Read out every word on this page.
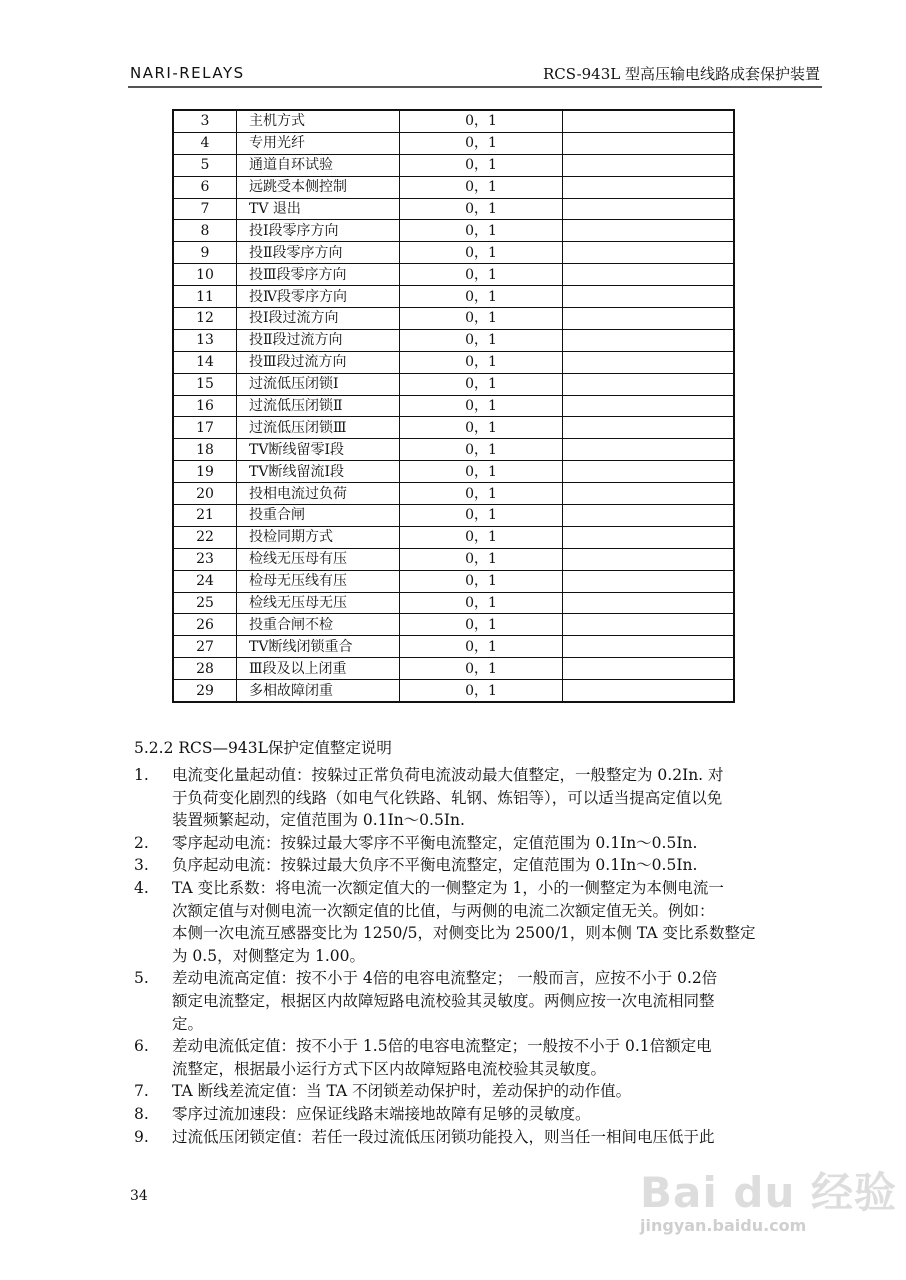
NARI-RELAYS	RCS-943L 型高压输电线路成套保护装置
3	主机方式	0，1	
4	专用光纤	0，1	
5	通道自环试验	0，1	
6	远跳受本侧控制	0，1	
7	TV 退出	0，1	
8	投Ⅰ段零序方向	0，1	
9	投Ⅱ段零序方向	0，1	
10	投Ⅲ段零序方向	0，1	
11	投Ⅳ段零序方向	0，1	
12	投Ⅰ段过流方向	0，1	
13	投Ⅱ段过流方向	0，1	
14	投Ⅲ段过流方向	0，1	
15	过流低压闭锁Ⅰ	0，1	
16	过流低压闭锁Ⅱ	0，1	
17	过流低压闭锁Ⅲ	0，1	
18	TV断线留零Ⅰ段	0，1	
19	TV断线留流Ⅰ段	0，1	
20	投相电流过负荷	0，1	
21	投重合闸	0，1	
22	投检同期方式	0，1	
23	检线无压母有压	0，1	
24	检母无压线有压	0，1	
25	检线无压母无压	0，1	
26	投重合闸不检	0，1	
27	TV断线闭锁重合	0，1	
28	Ⅲ段及以上闭重	0，1	
29	多相故障闭重	0，1	
5.2.2 RCS—943L保护定值整定说明
1.	电流变化量起动值：按躲过正常负荷电流波动最大值整定，一般整定为 0.2In. 对
于负荷变化剧烈的线路（如电气化铁路、轧钢、炼铝等），可以适当提高定值以免
装置频繁起动，定值范围为 0.1In～0.5In.
2.	零序起动电流：按躲过最大零序不平衡电流整定，定值范围为 0.1In～0.5In.
3.	负序起动电流：按躲过最大负序不平衡电流整定，定值范围为 0.1In～0.5In.
4.	TA 变比系数：将电流一次额定值大的一侧整定为 1，小的一侧整定为本侧电流一
次额定值与对侧电流一次额定值的比值，与两侧的电流二次额定值无关。例如：
本侧一次电流互感器变比为 1250/5，对侧变比为 2500/1，则本侧 TA 变比系数整定
为 0.5，对侧整定为 1.00。
5.	差动电流高定值：按不小于 4倍的电容电流整定； 一般而言，应按不小于 0.2倍
额定电流整定，根据区内故障短路电流校验其灵敏度。两侧应按一次电流相同整
定。
6.	差动电流低定值：按不小于 1.5倍的电容电流整定；一般按不小于 0.1倍额定电
流整定，根据最小运行方式下区内故障短路电流校验其灵敏度。
7.	TA 断线差流定值：当 TA 不闭锁差动保护时，差动保护的动作值。
8.	零序过流加速段：应保证线路末端接地故障有足够的灵敏度。
9.	过流低压闭锁定值：若任一段过流低压闭锁功能投入，则当任一相间电压低于此
34	Bai du 经验
jingyan.baidu.com
